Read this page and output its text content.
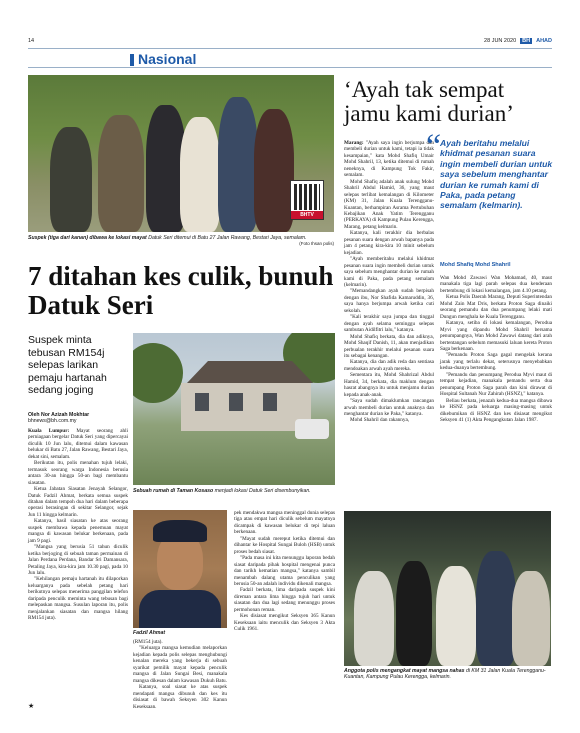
14	28 JUN 2020	BH	AHAD
Nasional
BHTV
Suspek (tiga dari kanan) dibawa ke lokasi mayat Datuk Seri ditemui di Batu 27 Jalan Rawang, Bestari Jaya, semalam.
(Foto Ihsan polis)
7 ditahan kes culik, bunuh Datuk Seri
Suspek minta tebusan RM154j selepas larikan pemaju hartanah sedang joging
Oleh Nor Azizah Mokhtar
bhnews@bh.com.my

Kuala Lumpur: Mayat seorang ahli perniagaan bergelar Datuk Seri yang dipercayai diculik 10 Jun lalu, ditemui dalam kawasan belukar di Batu 27, Jalan Rawang, Bestari Jaya, dekat sini, semalam.

Berikutan itu, polis menahan tujuh lelaki, termasuk seorang warga Indonesia berusia antara 30-an hingga 50-an bagi membantu siasatan.

Ketua Jabatan Siasatan Jenayah Selangor, Datuk Fadzil Ahmat, berkata semua suspek ditahan dalam tempoh dua hari dalam beberapa operasi berasingan di sekitar Selangor, sejak Jun 11 hingga kelmarin.

Katanya, hasil siasatan ke atas seorang suspek membawa kepada penemuan mayat mangsa di kawasan belukar berkenaan, pada jam 9 pagi.

"Mangsa yang berusia 51 tahun diculik ketika berjoging di sebuah taman permainan di Jalan Perdana Perdana, Bandar Sri Damansara, Petaling Jaya, kira-kira jam 10.30 pagi, pada 10 Jun lalu.

"Kehilangan pemaju hartanah itu dilaporkan keluarganya pada sebelah petang hari berikutnya selepas menerima panggilan telefon daripada penculik meminta wang tebusan bagi melepaskan mangsa. Susulan laporan itu, polis menjalankan siasatan dan mangsa hilang RM154 juta).

Sebuah rumah di Taman Kosaso menjadi lokasi Datuk Seri disembunyikan.
Fadzil Ahmat

(RM154 juta).

"Keluarga mangsa kemudian melaporkan kejadian kepada polis selepas menghubungi kenalan mereka yang bekerja di sebuah syarikat pemilik mayat kepada penculik mangsa di Jalan Sungai Besi, manakala mangsa dikesan dalam kawasan Dukuh Batu.

Katanya, soal siasat ke atas suspek mendapati mangsa dibunuh dan kes itu disiasat di bawah Seksyen 302 Kanun Keseksaan.

pek mendakwa mangsa meninggal dunia selepas tiga atau empat hari diculik sebelum mayatnya dicampak di kawasan belukar di tepi laluan berkenaan.

"Mayat sudah mereput ketika ditemui dan dihantar ke Hospital Sungai Buloh (HSB) untuk proses bedah siasat.

"Pada masa ini kita menunggu laporan bedah siasat daripada pihak hospital mengenai punca dan tarikh kematian mangsa," katanya sambil menambah dalang utama penculikan yang berusia 50-an adalah individu dikenali mangsa.

Fadzil berkata, lima daripada suspek kini direman antara lima hingga tujuh hari untuk siasatan dan dua lagi sedang menunggu proses permohonan reman.

Kes disiasat mengikut Seksyen 365 Kanun Keseksaan iaitu menculik dan Seksyen 3 Akta Culik 1961.

‘Ayah tak sempat jamu kami durian’

Marang: "Ayah saya ingin berjumpa dan membeli durian untuk kami, tetapi ia tidak kesampaian," kata Mohd Shafiq Umair Mohd Shahril, 13, ketika ditemui di rumah neneknya, di Kampung Tok Fakir, semalam.

Mohd Shafiq adalah anak sulung Mohd Shahril Abdul Hamid, 36, yang maut selepas terlibat kemalangan di Kilometer (KM) 31, Jalan Kuala Terengganu-Kuantan, berhampiran Asrama Pertubuhan Kebajikan Anak Yatim Terengganu (PERKAYA) di Kampung Pulau Kerengga, Marang, petang kelmarin.

Katanya, kali terakhir dia berbalas pesanan suara dengan arwah bapanya pada jam 4 petang kira-kira 10 minit sebelum kejadian.

"Ayah memberitahu melalui khidmat pesanan suara ingin membeli durian untuk saya sebelum menghantar durian ke rumah kami di Paka, pada petang semalam (kelmarin).

"Memandangkan ayah sudah berpisah dengan ibu, Nor Shafida Kamaruddin, 36, saya hanya berjumpa arwah ketika cuti sekolah.

"Kali terakhir saya jumpa dan tinggal dengan ayah selama seminggu selepas sambutan Aidilfitri lalu," katanya.

Mohd Shafiq berkata, dia dan adiknya, Mohd Shaqif Danish, 11, akan menjadikan perbualan terakhir melalui pesanan suara itu sebagai kenangan.

Katanya, dia dan adik reda dan sentiasa mendoakan arwah ayah mereka.

Sementara itu, Mohd Shahrizal Abdul Hamid, 34, berkata, dia maklum dengan hasrat abangnya itu untuk menjamu durian kepada anak-anak.

"Saya sudah dimaklumkan rancangan arwah membeli durian untuk anaknya dan menghantar durian ke Paka," katanya.

Mohd Shahril dan rakannya,

“
Ayah beritahu melalui khidmat pesanan suara ingin membeli durian untuk saya sebelum menghantar durian ke rumah kami di Paka, pada petang semalam (kelmarin).
Mohd Shafiq Mohd Shahril

Wan Mohd Zawawi Wan Mohamad, 40, maut manakala tiga lagi parah selepas dua kenderaan bertembung di lokasi kemalangan, jam 4.10 petang.

Ketua Polis Daerah Marang, Deputi Superintendan Mohd Zain Mat Dris, berkata Proton Saga dinaiki seorang pemandu dan dua penumpang lelaki mati Dungun menghala ke Kuala Terengganu.

Katanya, setiba di lokasi kemalangan, Perodua Myvi yang dipandu Mohd Shahril bersama penumpangnya, Wan Mohd Zawawi datang dari arah bertentangan sebelum memasuki laluan kereta Proton Saga berkenaan.

"Pemandu Proton Saga gagal mengelak kerana jarak yang terlalu dekat, seterusnya menyebabkan kedua-duanya bertembung.

"Pemandu dan penumpang Perodua Myvi maut di tempat kejadian, manakala pemandu serta dua penumpang Proton Saga parah dan kini dirawat di Hospital Sultanah Nur Zahirah (HSNZ)," katanya.

Beliau berkata, jenazah kedua-dua mangsa dibawa ke HSNZ pada keluarga masing-masing untuk dikebumikan di HSNZ dan kes disiasat mengikut Seksyen 41 (1) Akta Pengangkutan Jalan 1987.

Anggota polis mengangkat mayat mangsa nahas di KM 31 Jalan Kuala Terengganu-Kuantan, Kampung Pulau Kerengga, kelmarin.
★
